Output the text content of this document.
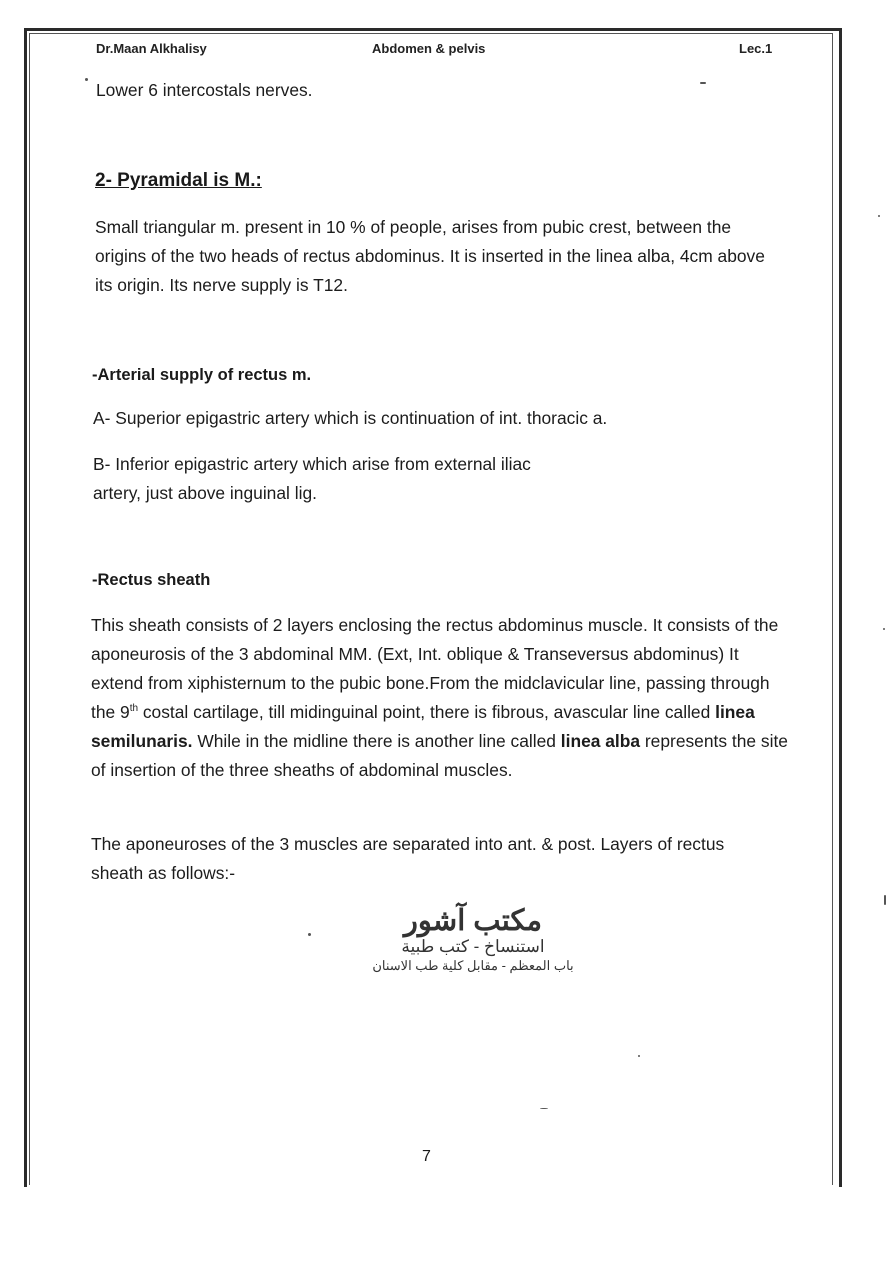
Dr.Maan Alkhalisy	Abdomen & pelvis	Lec.1

Lower 6 intercostals nerves.

2- Pyramidal is M.:

Small triangular m. present in 10 % of people, arises from pubic crest, between the origins of the two heads of rectus abdominus. It is inserted in the linea alba, 4cm above its origin. Its nerve supply is T12.

-Arterial supply of rectus m.

A- Superior epigastric artery which is continuation of int. thoracic a.

B- Inferior epigastric artery which arise from external iliac

artery, just above inguinal lig.

-Rectus sheath

This sheath consists of 2 layers enclosing the rectus abdominus muscle. It consists of the aponeurosis of the 3 abdominal MM. (Ext, Int. oblique & Transeversus abdominus) It extend from xiphisternum to the pubic bone.From the midclavicular line, passing through the 9th costal cartilage, till midinguinal point, there is fibrous, avascular line called linea semilunaris. While in the midline there is another line called linea alba represents the site of insertion of the three sheaths of abdominal muscles.

The aponeuroses of the 3 muscles are separated into ant. & post. Layers of rectus sheath as follows:-

مكتب آشور
استنساخ - كتب طبية
باب المعظم - مقابل كلية طب الاسنان
7
